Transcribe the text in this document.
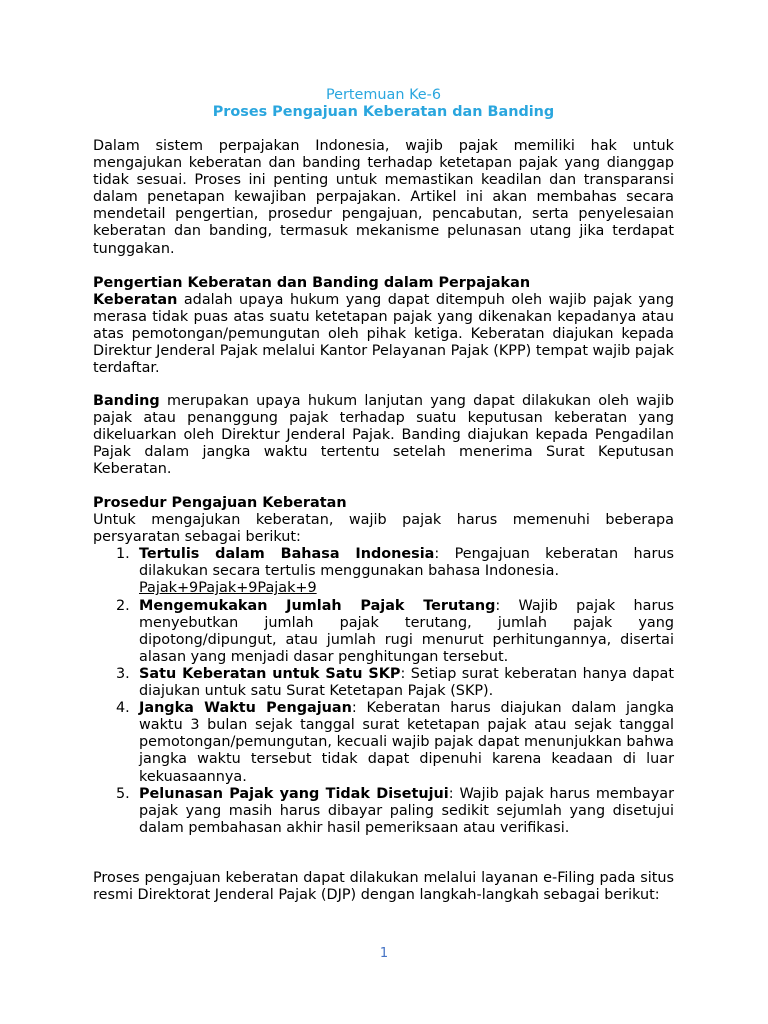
Pertemuan Ke-6
Proses Pengajuan Keberatan dan Banding

Dalam sistem perpajakan Indonesia, wajib pajak memiliki hak untuk mengajukan keberatan dan banding terhadap ketetapan pajak yang dianggap tidak sesuai. Proses ini penting untuk memastikan keadilan dan transparansi dalam penetapan kewajiban perpajakan. Artikel ini akan membahas secara mendetail pengertian, prosedur pengajuan, pencabutan, serta penyelesaian keberatan dan banding, termasuk mekanisme pelunasan utang jika terdapat tunggakan.

Pengertian Keberatan dan Banding dalam Perpajakan

Keberatan adalah upaya hukum yang dapat ditempuh oleh wajib pajak yang merasa tidak puas atas suatu ketetapan pajak yang dikenakan kepadanya atau atas pemotongan/pemungutan oleh pihak ketiga. Keberatan diajukan kepada Direktur Jenderal Pajak melalui Kantor Pelayanan Pajak (KPP) tempat wajib pajak terdaftar.

Banding merupakan upaya hukum lanjutan yang dapat dilakukan oleh wajib pajak atau penanggung pajak terhadap suatu keputusan keberatan yang dikeluarkan oleh Direktur Jenderal Pajak. Banding diajukan kepada Pengadilan Pajak dalam jangka waktu tertentu setelah menerima Surat Keputusan Keberatan.

Prosedur Pengajuan Keberatan

Untuk mengajukan keberatan, wajib pajak harus memenuhi beberapa persyaratan sebagai berikut:

1. Tertulis dalam Bahasa Indonesia: Pengajuan keberatan harus dilakukan secara tertulis menggunakan bahasa Indonesia.
Pajak+9Pajak+9Pajak+9
2. Mengemukakan Jumlah Pajak Terutang: Wajib pajak harus menyebutkan jumlah pajak terutang, jumlah pajak yang dipotong/dipungut, atau jumlah rugi menurut perhitungannya, disertai alasan yang menjadi dasar penghitungan tersebut.
3. Satu Keberatan untuk Satu SKP: Setiap surat keberatan hanya dapat diajukan untuk satu Surat Ketetapan Pajak (SKP).
4. Jangka Waktu Pengajuan: Keberatan harus diajukan dalam jangka waktu 3 bulan sejak tanggal surat ketetapan pajak atau sejak tanggal pemotongan/pemungutan, kecuali wajib pajak dapat menunjukkan bahwa jangka waktu tersebut tidak dapat dipenuhi karena keadaan di luar kekuasaannya.
5. Pelunasan Pajak yang Tidak Disetujui: Wajib pajak harus membayar pajak yang masih harus dibayar paling sedikit sejumlah yang disetujui dalam pembahasan akhir hasil pemeriksaan atau verifikasi.

Proses pengajuan keberatan dapat dilakukan melalui layanan e-Filing pada situs resmi Direktorat Jenderal Pajak (DJP) dengan langkah-langkah sebagai berikut:

1
